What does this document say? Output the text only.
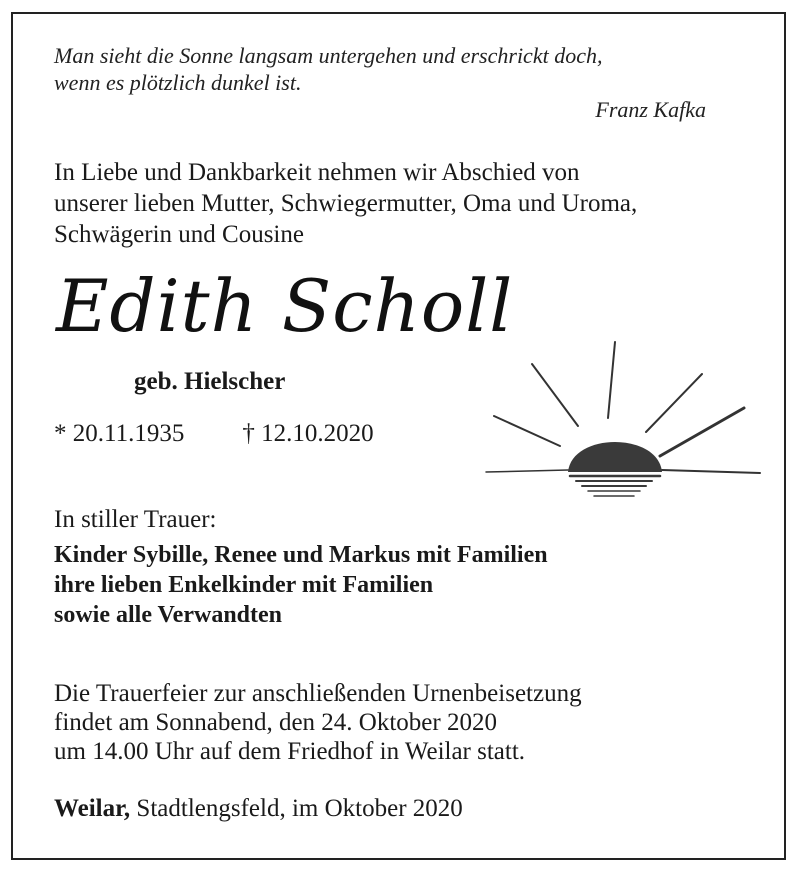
Man sieht die Sonne langsam untergehen und erschrickt doch,
wenn es plötzlich dunkel ist.
Franz Kafka
In Liebe und Dankbarkeit nehmen wir Abschied von
unserer lieben Mutter, Schwiegermutter, Oma und Uroma,
Schwägerin und Cousine
Edith Scholl
geb. Hielscher
* 20.11.1935 † 12.10.2020
In stiller Trauer:
Kinder Sybille, Renee und Markus mit Familien
ihre lieben Enkelkinder mit Familien
sowie alle Verwandten
Die Trauerfeier zur anschließenden Urnenbeisetzung
findet am Sonnabend, den 24. Oktober 2020
um 14.00 Uhr auf dem Friedhof in Weilar statt.
Weilar, Stadtlengsfeld, im Oktober 2020
